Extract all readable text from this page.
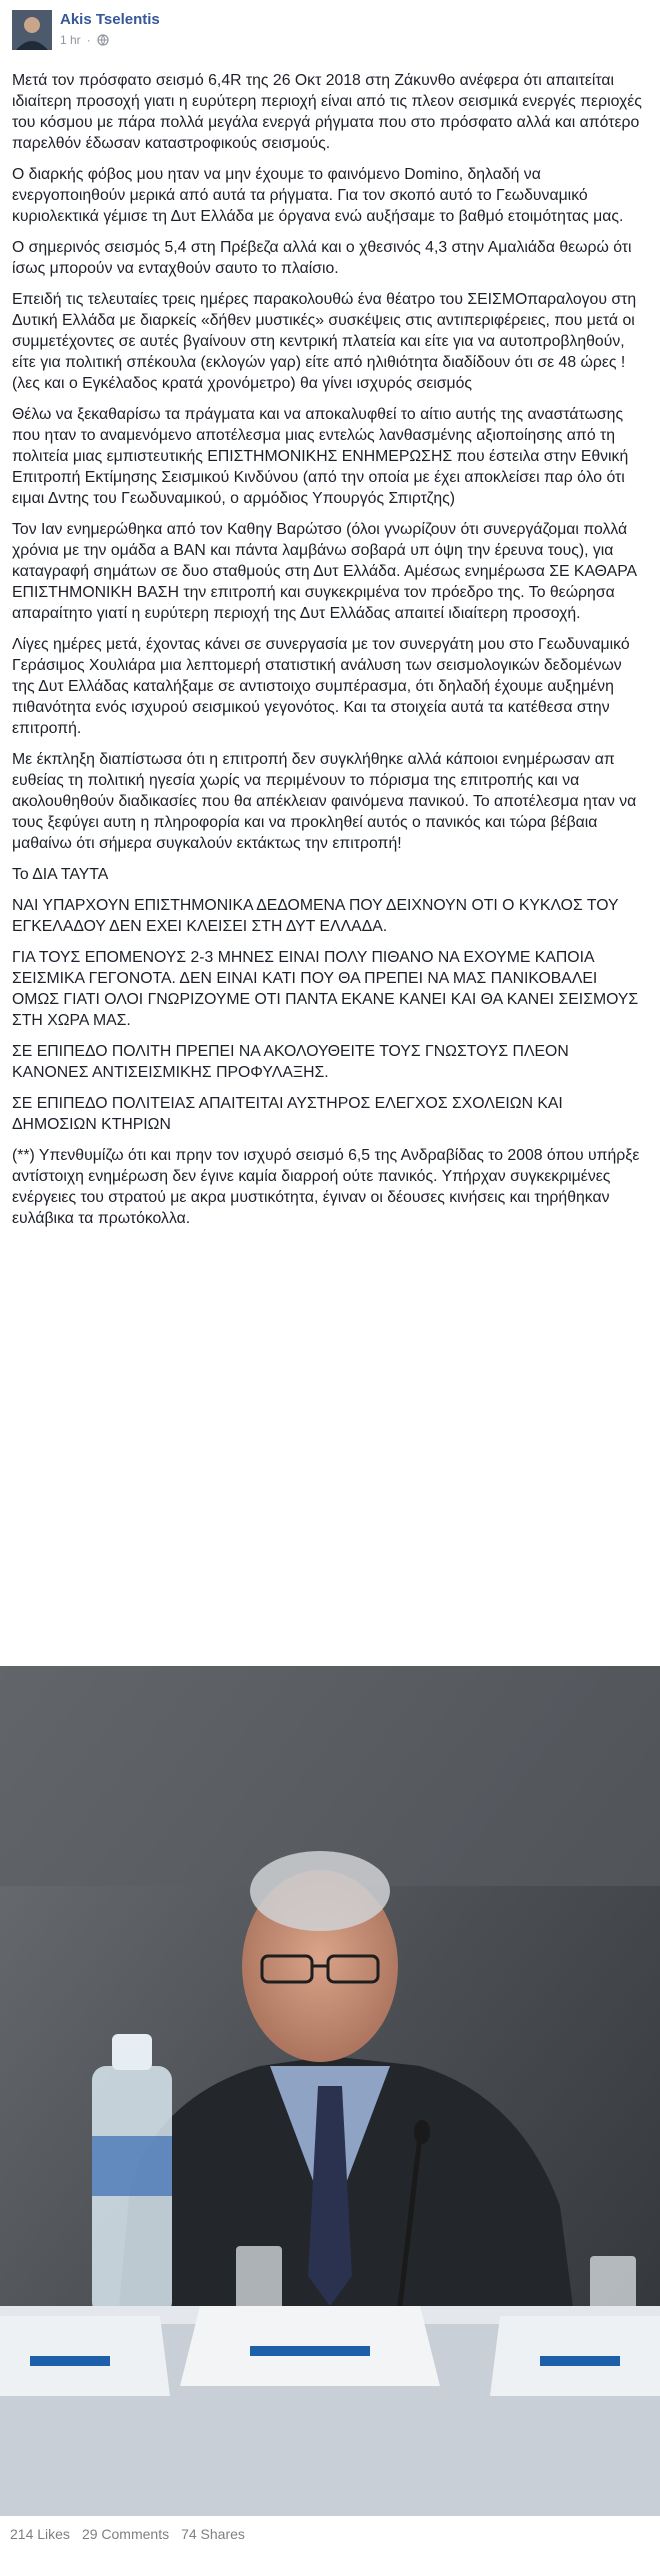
Akis Tselentis
1 hr ·

Μετά τον πρόσφατο σεισμό 6,4R της 26 Οκτ 2018 στη Ζάκυνθο ανέφερα ότι απαιτείται ιδιαίτερη προσοχή γιατι η ευρύτερη περιοχή είναι από τις πλεον σεισμικά ενεργές περιοχές του κόσμου με πάρα πολλά μεγάλα ενεργά ρήγματα που στο πρόσφατο αλλά και απότερο παρελθόν έδωσαν καταστροφικούς σεισμούς.

Ο διαρκής φόβος μου ηταν να μην έχουμε το φαινόμενο Domino, δηλαδή να ενεργοποιηθούν μερικά από αυτά τα ρήγματα. Για τον σκοπό αυτό το Γεωδυναμικό κυριολεκτικά γέμισε τη Δυτ Ελλάδα με όργανα ενώ αυξήσαμε το βαθμό ετοιμότητας μας.

Ο σημερινός σεισμός 5,4 στη Πρέβεζα αλλά και ο χθεσινός 4,3 στην Αμαλιάδα θεωρώ ότι ίσως μπορούν να ενταχθούν σαυτο το πλαίσιο.

Επειδή τις τελευταίες τρεις ημέρες παρακολουθώ ένα θέατρο του ΣΕΙΣΜΟπαραλογου στη Δυτική Ελλάδα με διαρκείς «δήθεν μυστικές» συσκέψεις στις αντιπεριφέρειες, που μετά οι συμμετέχοντες σε αυτές βγαίνουν στη κεντρική πλατεία και είτε για να αυτοπροβληθούν, είτε για πολιτική σπέκουλα (εκλογών γαρ) είτε από ηλιθιότητα διαδίδουν ότι σε 48 ώρες ! (λες και ο Εγκέλαδος κρατά χρονόμετρο) θα γίνει ισχυρός σεισμός

Θέλω να ξεκαθαρίσω τα πράγματα και να αποκαλυφθεί το αίτιο αυτής της αναστάτωσης που ηταν το αναμενόμενο αποτέλεσμα μιας εντελώς λανθασμένης αξιοποίησης από τη πολιτεία μιας εμπιστευτικής ΕΠΙΣΤΗΜΟΝΙΚΗΣ ΕΝΗΜΕΡΩΣΗΣ που έστειλα στην Εθνική Επιτροπή Εκτίμησης Σεισμικού Κινδύνου (από την οποία με έχει αποκλείσει παρ όλο ότι ειμαι Δντης του Γεωδυναμικού, ο αρμόδιος Υπουργός Σπιρτζης)

Τον Ιαν ενημερώθηκα από τον Καθηγ Βαρώτσο (όλοι γνωρίζουν ότι συνεργάζομαι πολλά χρόνια με την ομάδα a ΒΑΝ και πάντα λαμβάνω σοβαρά υπ όψη την έρευνα τους), για καταγραφή σημάτων σε δυο σταθμούς στη Δυτ Ελλάδα. Αμέσως ενημέρωσα ΣΕ ΚΑΘΑΡΑ ΕΠΙΣΤΗΜΟΝΙΚΗ ΒΑΣΗ την επιτροπή και συγκεκριμένα τον πρόεδρο της. Το θεώρησα απαραίτητο γιατί η ευρύτερη περιοχή της Δυτ Ελλάδας απαιτεί ιδιαίτερη προσοχή.

Λίγες ημέρες μετά, έχοντας κάνει σε συνεργασία με τον συνεργάτη μου στο Γεωδυναμικό Γεράσιμος Χουλιάρα μια λεπτομερή στατιστική ανάλυση των σεισμολογικών δεδομένων της Δυτ Ελλάδας καταλήξαμε σε αντιστοιχο συμπέρασμα, ότι δηλαδή έχουμε αυξημένη πιθανότητα ενός ισχυρού σεισμικού γεγονότος. Και τα στοιχεία αυτά τα κατέθεσα στην επιτροπή.

Με έκπληξη διαπίστωσα ότι η επιτροπή δεν συγκλήθηκε αλλά κάποιοι ενημέρωσαν απ ευθείας τη πολιτική ηγεσία χωρίς να περιμένουν το πόρισμα της επιτροπής και να ακολουθηθούν διαδικασίες που θα απέκλειαν φαινόμενα πανικού. Το αποτέλεσμα ηταν να τους ξεφύγει αυτη η πληροφορία και να προκληθεί αυτός ο πανικός και τώρα βέβαια μαθαίνω ότι σήμερα συγκαλούν εκτάκτως την επιτροπή!

Το ΔΙΑ ΤΑΥΤΑ

ΝΑΙ ΥΠΑΡΧΟΥΝ ΕΠΙΣΤΗΜΟΝΙΚΑ ΔΕΔΟΜΕΝΑ ΠΟΥ ΔΕΙΧΝΟΥΝ ΟΤΙ Ο ΚΥΚΛΟΣ ΤΟΥ ΕΓΚΕΛΑΔΟΥ ΔΕΝ ΕΧΕΙ ΚΛΕΙΣΕΙ ΣΤΗ ΔΥΤ ΕΛΛΑΔΑ.

ΓΙΑ ΤΟΥΣ ΕΠΟΜΕΝΟΥΣ 2-3 ΜΗΝΕΣ ΕΙΝΑΙ ΠΟΛΥ ΠΙΘΑΝΟ ΝΑ ΕΧΟΥΜΕ ΚΑΠΟΙΑ ΣΕΙΣΜΙΚΑ ΓΕΓΟΝΟΤΑ. ΔΕΝ ΕΙΝΑΙ ΚΑΤΙ ΠΟΥ ΘΑ ΠΡΕΠΕΙ ΝΑ ΜΑΣ ΠΑΝΙΚΟΒΑΛΕΙ ΟΜΩΣ ΓΙΑΤΙ ΟΛΟΙ ΓΝΩΡΙΖΟΥΜΕ ΟΤΙ ΠΑΝΤΑ ΕΚΑΝΕ ΚΑΝΕΙ ΚΑΙ ΘΑ ΚΑΝΕΙ ΣΕΙΣΜΟΥΣ ΣΤΗ ΧΩΡΑ ΜΑΣ.

ΣΕ ΕΠΙΠΕΔΟ ΠΟΛΙΤΗ ΠΡΕΠΕΙ ΝΑ ΑΚΟΛΟΥΘΕΙΤΕ ΤΟΥΣ ΓΝΩΣΤΟΥΣ ΠΛΕΟΝ ΚΑΝΟΝΕΣ ΑΝΤΙΣΕΙΣΜΙΚΗΣ ΠΡΟΦΥΛΑΞΗΣ.

ΣΕ ΕΠΙΠΕΔΟ ΠΟΛΙΤΕΙΑΣ ΑΠΑΙΤΕΙΤΑΙ ΑΥΣΤΗΡΟΣ ΕΛΕΓΧΟΣ ΣΧΟΛΕΙΩΝ ΚΑΙ ΔΗΜΟΣΙΩΝ ΚΤΗΡΙΩΝ

(**) Υπενθυμίζω ότι και πρην τον ισχυρό σεισμό 6,5 της Ανδραβίδας το 2008 όπου υπήρξε αντίστοιχη ενημέρωση δεν έγινε καμία διαρροή ούτε πανικός. Υπήρχαν συγκεκριμένες ενέργειες του στρατού με ακρα μυστικότητα, έγιναν οι δέουσες κινήσεις και τηρήθηκαν ευλάβικα τα πρωτόκολλα.

214 Likes 29 Comments 74 Shares
